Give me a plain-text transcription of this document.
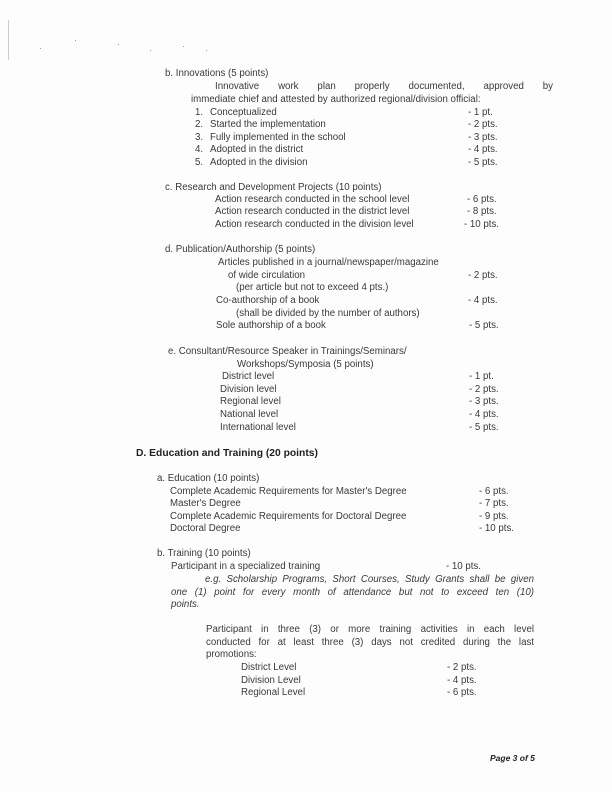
b. Innovations (5 points)
Innovative work plan properly documented, approved by
immediate chief and attested by authorized regional/division official:
1. Conceptualized	- 1 pt.
2. Started the implementation	- 2 pts.
3. Fully implemented in the school	- 3 pts.
4. Adopted in the district	- 4 pts.
5. Adopted in the division	- 5 pts.
c. Research and Development Projects (10 points)
Action research conducted in the school level	- 6 pts.
Action research conducted in the district level	- 8 pts.
Action research conducted in the division level	- 10 pts.
d. Publication/Authorship (5 points)
Articles published in a journal/newspaper/magazine
of wide circulation	- 2 pts.
(per article but not to exceed 4 pts.)
Co-authorship of a book	- 4 pts.
(shall be divided by the number of authors)
Sole authorship of a book	- 5 pts.
e. Consultant/Resource Speaker in Trainings/Seminars/
Workshops/Symposia (5 points)
District level	- 1 pt.
Division level	- 2 pts.
Regional level	- 3 pts.
National level	- 4 pts.
International level	- 5 pts.
D. Education and Training (20 points)
a. Education (10 points)
Complete Academic Requirements for Master's Degree	- 6 pts.
Master's Degree	- 7 pts.
Complete Academic Requirements for Doctoral Degree	- 9 pts.
Doctoral Degree	- 10 pts.
b. Training (10 points)
Participant in a specialized training	- 10 pts.
e.g. Scholarship Programs, Short Courses, Study Grants shall be given
one (1) point for every month of attendance but not to exceed ten (10)
points.
Participant in three (3) or more training activities in each level
conducted for at least three (3) days not credited during the last
promotions:
District Level	- 2 pts.
Division Level	- 4 pts.
Regional Level	- 6 pts.
Page 3 of 5
